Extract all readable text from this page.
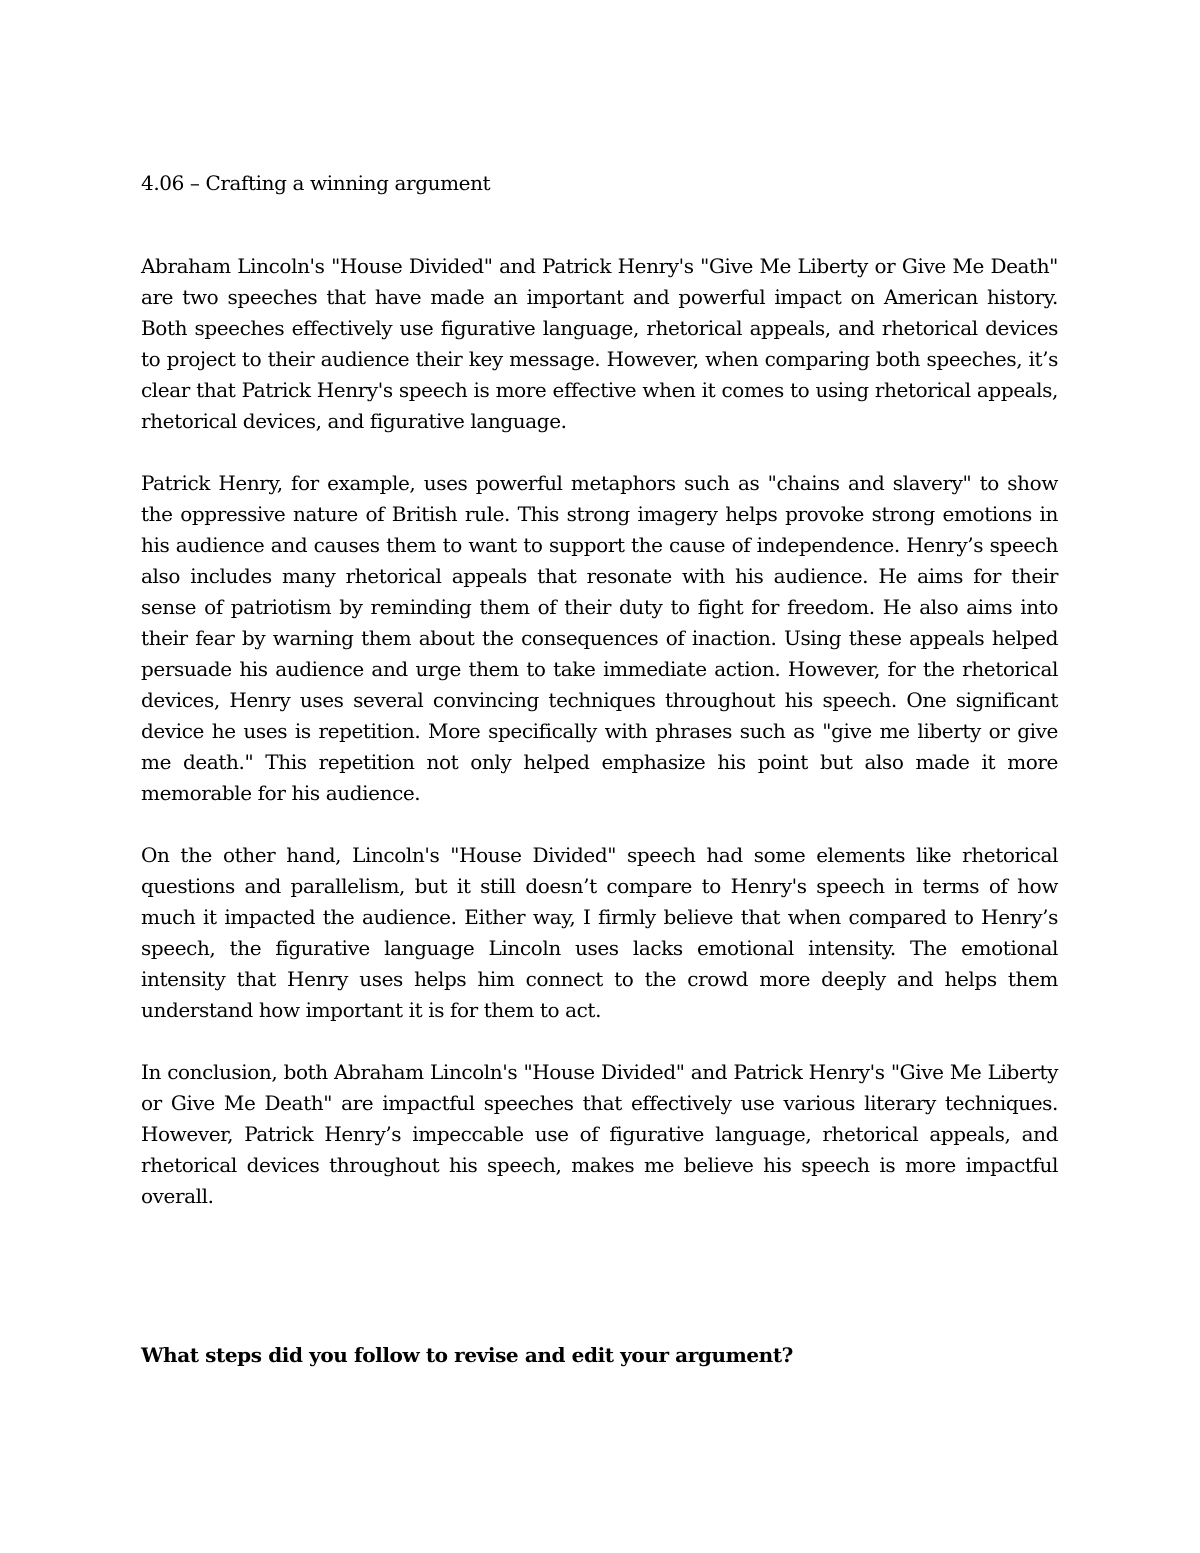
4.06 – Crafting a winning argument

Abraham Lincoln's "House Divided" and Patrick Henry's "Give Me Liberty or Give Me Death" are two speeches that have made an important and powerful impact on American history. Both speeches effectively use figurative language, rhetorical appeals, and rhetorical devices to project to their audience their key message. However, when comparing both speeches, it’s clear that Patrick Henry's speech is more effective when it comes to using rhetorical appeals, rhetorical devices, and figurative language.

Patrick Henry, for example, uses powerful metaphors such as "chains and slavery" to show the oppressive nature of British rule. This strong imagery helps provoke strong emotions in his audience and causes them to want to support the cause of independence. Henry’s speech also includes many rhetorical appeals that resonate with his audience. He aims for their sense of patriotism by reminding them of their duty to fight for freedom. He also aims into their fear by warning them about the consequences of inaction. Using these appeals helped persuade his audience and urge them to take immediate action. However, for the rhetorical devices, Henry uses several convincing techniques throughout his speech. One significant device he uses is repetition. More specifically with phrases such as "give me liberty or give me death." This repetition not only helped emphasize his point but also made it more memorable for his audience.

On the other hand, Lincoln's "House Divided" speech had some elements like rhetorical questions and parallelism, but it still doesn’t compare to Henry's speech in terms of how much it impacted the audience. Either way, I firmly believe that when compared to Henry’s speech, the figurative language Lincoln uses lacks emotional intensity. The emotional intensity that Henry uses helps him connect to the crowd more deeply and helps them understand how important it is for them to act.

In conclusion, both Abraham Lincoln's "House Divided" and Patrick Henry's "Give Me Liberty or Give Me Death" are impactful speeches that effectively use various literary techniques. However, Patrick Henry’s impeccable use of figurative language, rhetorical appeals, and rhetorical devices throughout his speech, makes me believe his speech is more impactful overall.

What steps did you follow to revise and edit your argument?
